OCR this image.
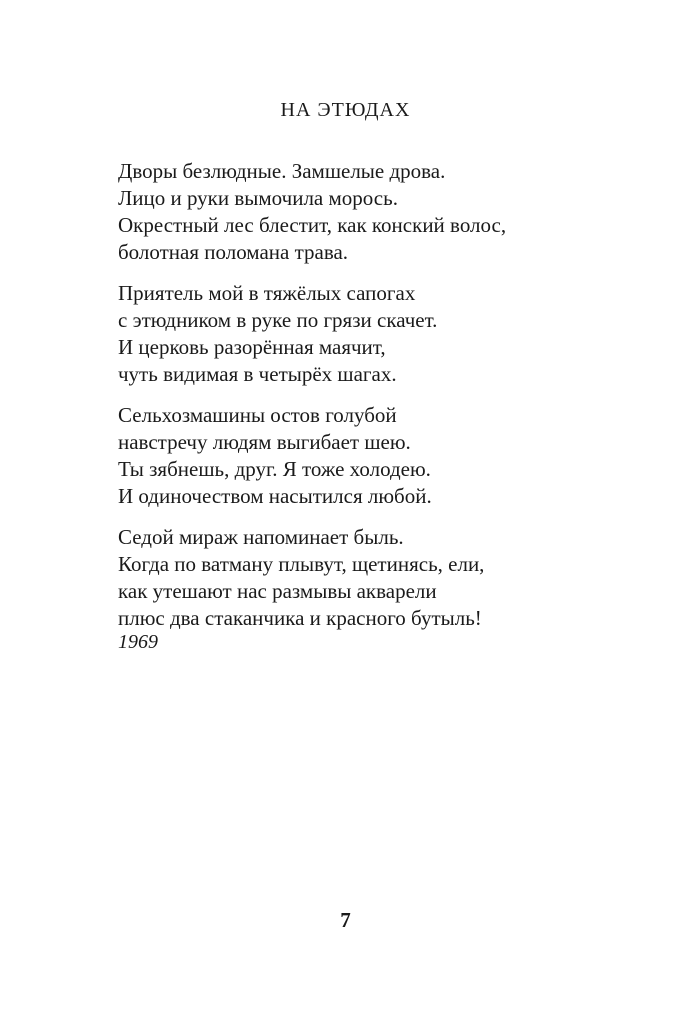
НА ЭТЮДАХ
Дворы безлюдные. Замшелые дрова.
Лицо и руки вымочила морось.
Окрестный лес блестит, как конский волос,
болотная поломана трава.
Приятель мой в тяжёлых сапогах
с этюдником в руке по грязи скачет.
И церковь разорённая маячит,
чуть видимая в четырёх шагах.
Сельхозмашины остов голубой
навстречу людям выгибает шею.
Ты зябнешь, друг. Я тоже холодею.
И одиночеством насытился любой.
Седой мираж напоминает быль.
Когда по ватману плывут, щетинясь, ели,
как утешают нас размывы акварели
плюс два стаканчика и красного бутыль!
1969
7
